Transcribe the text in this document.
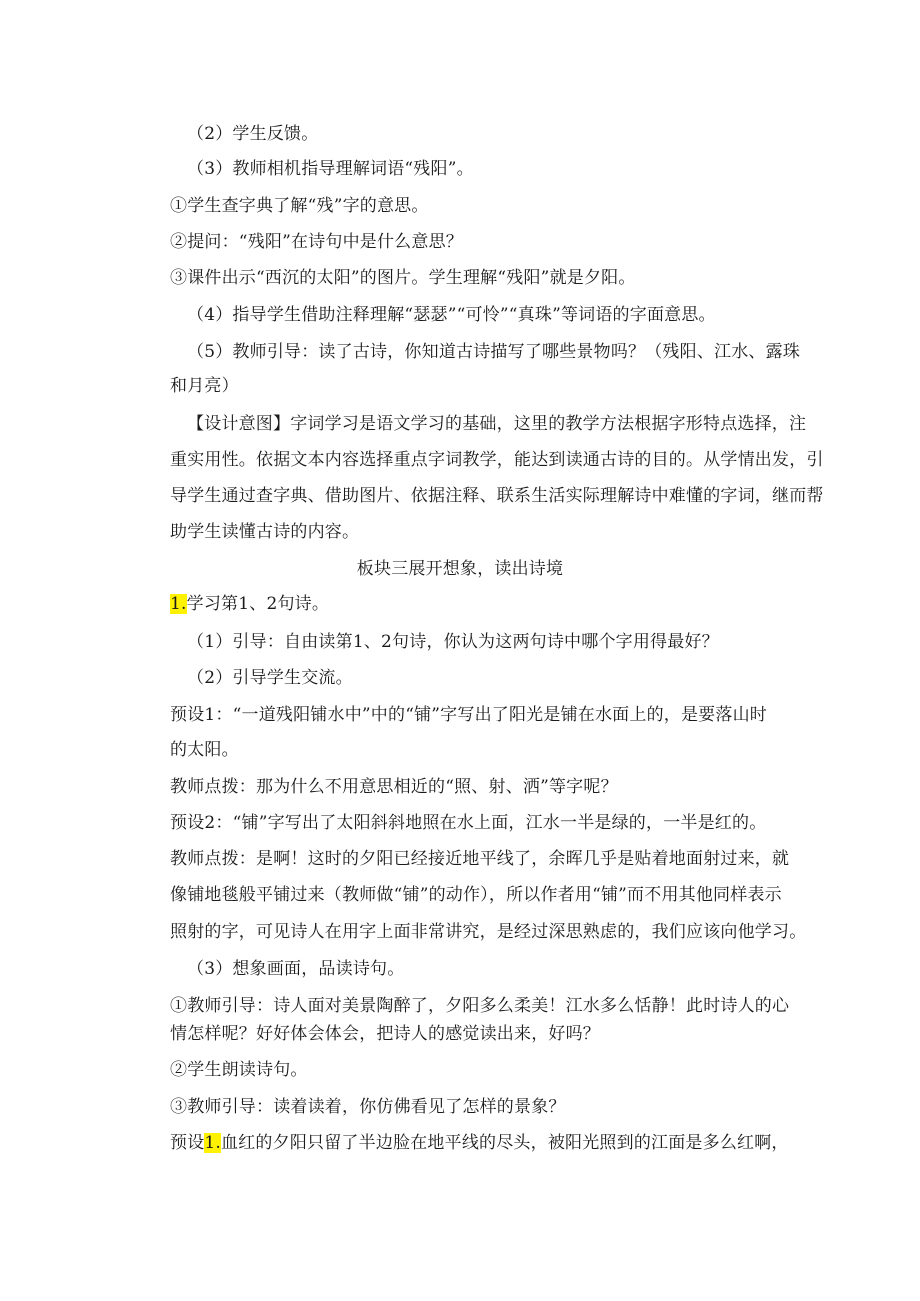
（2）学生反馈。
（3）教师相机指导理解词语“残阳”。
①学生查字典了解“残”字的意思。
②提问：“残阳”在诗句中是什么意思？
③课件出示“西沉的太阳”的图片。学生理解“残阳”就是夕阳。
（4）指导学生借助注释理解“瑟瑟”“可怜”“真珠”等词语的字面意思。
（5）教师引导：读了古诗，你知道古诗描写了哪些景物吗？（残阳、江水、露珠
和月亮）
【设计意图】字词学习是语文学习的基础，这里的教学方法根据字形特点选择，注
重实用性。依据文本内容选择重点字词教学，能达到读通古诗的目的。从学情出发，引
导学生通过查字典、借助图片、依据注释、联系生活实际理解诗中难懂的字词，继而帮
助学生读懂古诗的内容。
板块三展开想象，读出诗境
1.学习第1、2句诗。
（1）引导：自由读第1、2句诗，你认为这两句诗中哪个字用得最好？
（2）引导学生交流。
预设1：“一道残阳铺水中”中的“铺”字写出了阳光是铺在水面上的，是要落山时
的太阳。
教师点拨：那为什么不用意思相近的“照、射、洒”等字呢？
预设2：“铺”字写出了太阳斜斜地照在水上面，江水一半是绿的，一半是红的。
教师点拨：是啊！这时的夕阳已经接近地平线了，余晖几乎是贴着地面射过来，就
像铺地毯般平铺过来（教师做“铺”的动作），所以作者用“铺”而不用其他同样表示
照射的字，可见诗人在用字上面非常讲究，是经过深思熟虑的，我们应该向他学习。
（3）想象画面，品读诗句。
①教师引导：诗人面对美景陶醉了，夕阳多么柔美！江水多么恬静！此时诗人的心
情怎样呢？好好体会体会，把诗人的感觉读出来，好吗？
②学生朗读诗句。
③教师引导：读着读着，你仿佛看见了怎样的景象？
预设1.血红的夕阳只留了半边脸在地平线的尽头，被阳光照到的江面是多么红啊，
